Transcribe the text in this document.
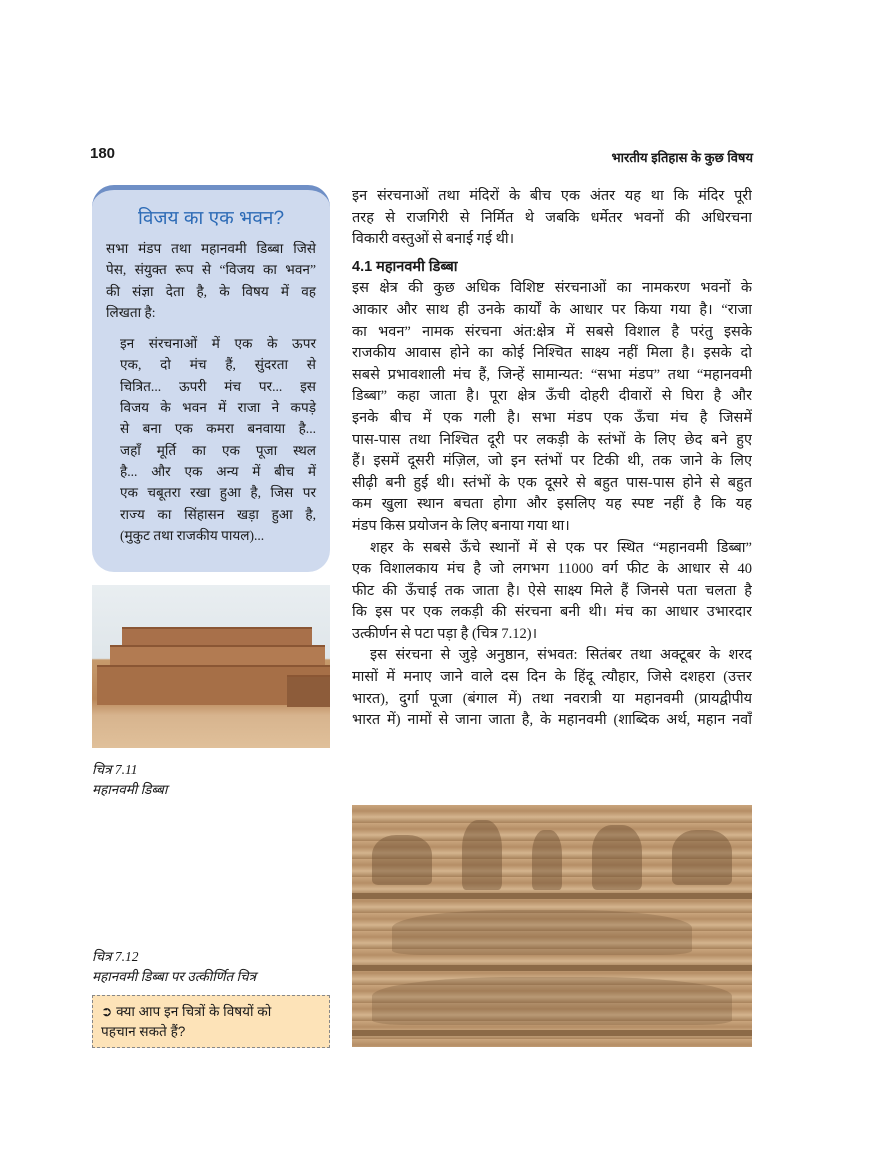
180	भारतीय इतिहास के कुछ विषय
इन संरचनाओं तथा मंदिरों के बीच एक अंतर यह था कि मंदिर पूरी
तरह से राजगिरी से निर्मित थे जबकि धर्मेतर भवनों की अधिरचना
विकारी वस्तुओं से बनाई गई थी।
4.1 महानवमी डिब्बा
इस क्षेत्र की कुछ अधिक विशिष्ट संरचनाओं का नामकरण भवनों के
आकार और साथ ही उनके कार्यों के आधार पर किया गया है। “राजा
का भवन” नामक संरचना अंत:क्षेत्र में सबसे विशाल है परंतु इसके
राजकीय आवास होने का कोई निश्चित साक्ष्य नहीं मिला है। इसके दो
सबसे प्रभावशाली मंच हैं, जिन्हें सामान्यत: “सभा मंडप” तथा “महानवमी
डिब्बा” कहा जाता है। पूरा क्षेत्र ऊँची दोहरी दीवारों से घिरा है और
इनके बीच में एक गली है। सभा मंडप एक ऊँचा मंच है जिसमें
पास-पास तथा निश्चित दूरी पर लकड़ी के स्तंभों के लिए छेद बने हुए
हैं। इसमें दूसरी मंज़िल, जो इन स्तंभों पर टिकी थी, तक जाने के लिए
सीढ़ी बनी हुई थी। स्तंभों के एक दूसरे से बहुत पास-पास होने से बहुत
कम खुला स्थान बचता होगा और इसलिए यह स्पष्ट नहीं है कि यह
मंडप किस प्रयोजन के लिए बनाया गया था।
शहर के सबसे ऊँचे स्थानों में से एक पर स्थित “महानवमी डिब्बा”
एक विशालकाय मंच है जो लगभग 11000 वर्ग फीट के आधार से 40
फीट की ऊँचाई तक जाता है। ऐसे साक्ष्य मिले हैं जिनसे पता चलता है
कि इस पर एक लकड़ी की संरचना बनी थी। मंच का आधार उभारदार
उत्कीर्णन से पटा पड़ा है (चित्र 7.12)।
इस संरचना से जुड़े अनुष्ठान, संभवत: सितंबर तथा अक्टूबर के शरद
मासों में मनाए जाने वाले दस दिन के हिंदू त्यौहार, जिसे दशहरा (उत्तर
भारत), दुर्गा पूजा (बंगाल में) तथा नवरात्री या महानवमी (प्रायद्वीपीय
भारत में) नामों से जाना जाता है, के महानवमी (शाब्दिक अर्थ, महान नवाँ
विजय का एक भवन?
सभा मंडप तथा महानवमी डिब्बा जिसे
पेस, संयुक्त रूप से “विजय का भवन”
की संज्ञा देता है, के विषय में वह
लिखता है:
इन संरचनाओं में एक के ऊपर
एक, दो मंच हैं, सुंदरता से
चित्रित... ऊपरी मंच पर... इस
विजय के भवन में राजा ने कपड़े
से बना एक कमरा बनवाया है...
जहाँ मूर्ति का एक पूजा स्थल
है... और एक अन्य में बीच में
एक चबूतरा रखा हुआ है, जिस पर
राज्य का सिंहासन खड़ा हुआ है,
(मुकुट तथा राजकीय पायल)...
चित्र 7.11
महानवमी डिब्बा
चित्र 7.12
महानवमी डिब्बा पर उत्कीर्णित चित्र
➲ क्या आप इन चित्रों के विषयों को
पहचान सकते हैं?
